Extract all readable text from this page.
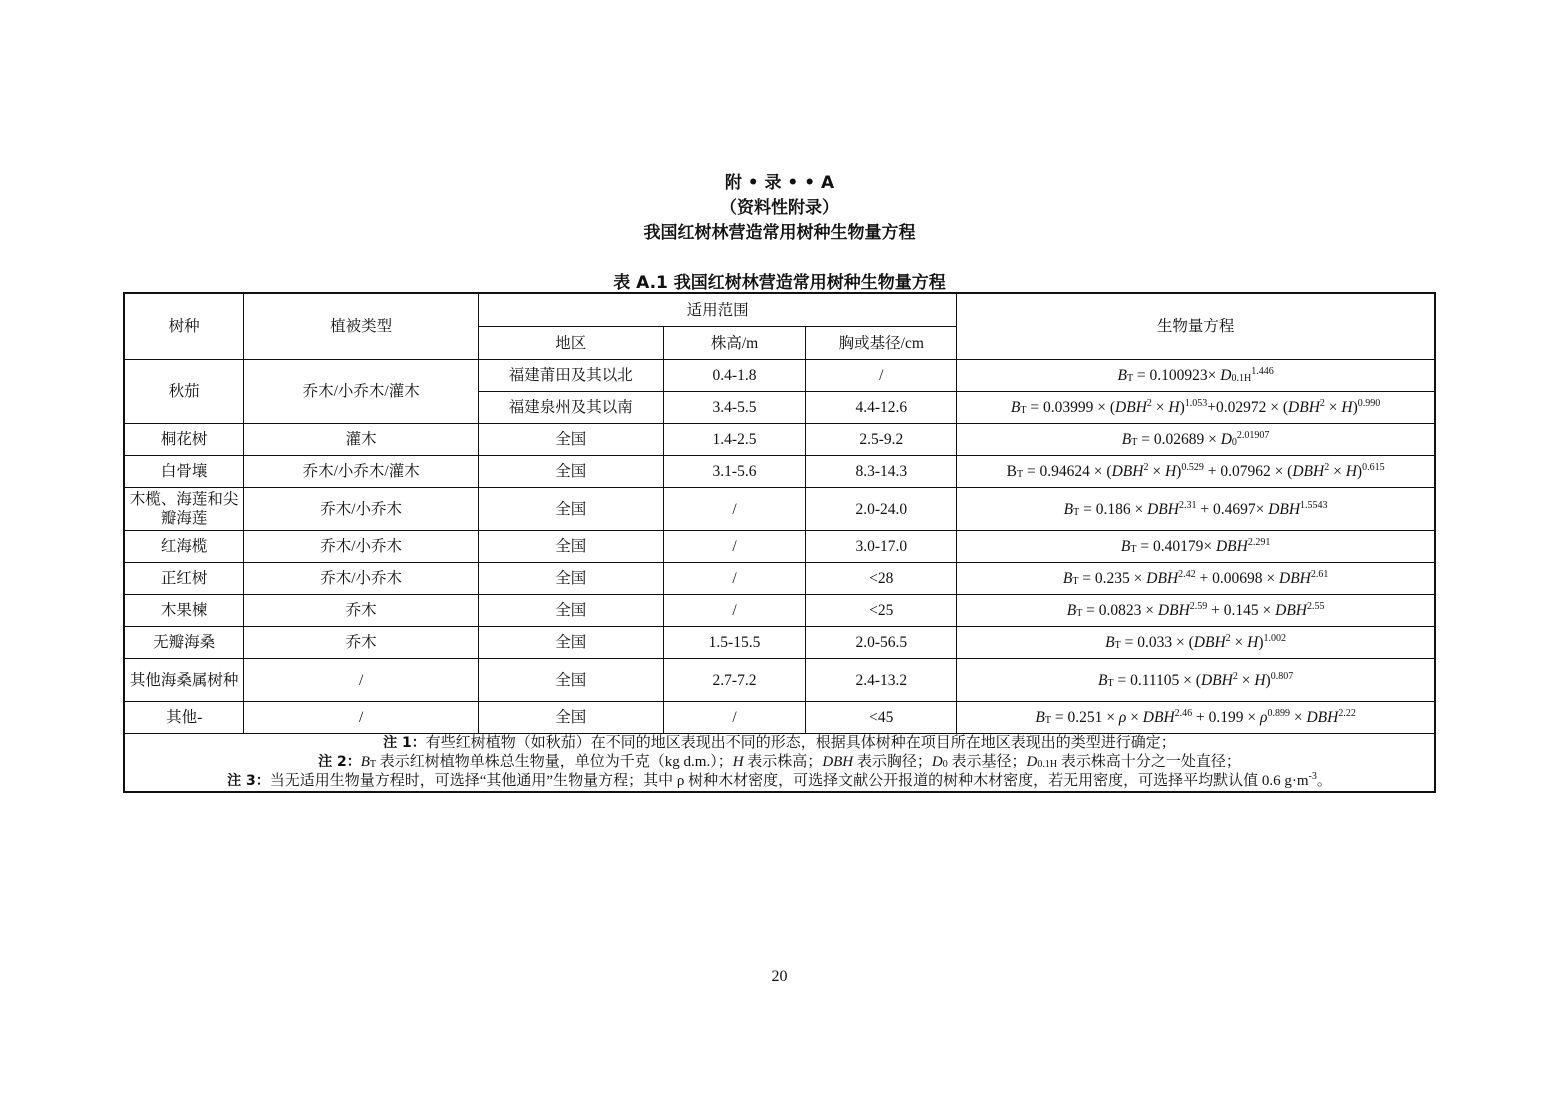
附 • 录 • • A
（资料性附录）
我国红树林营造常用树种生物量方程
表 A.1 我国红树林营造常用树种生物量方程
树种	植被类型	适用范围			生物量方程
		地区	株高/m	胸或基径/cm	
秋茄	乔木/小乔木/灌木	福建莆田及其以北	0.4-1.8	/	$B_T = 0.100923\times D_{0.1H}^{1.446}$
		福建泉州及其以南	3.4-5.5	4.4-12.6	$B_T = 0.03999 \times (DBH^2 \times H)^{1.053}+0.02972 \times (DBH^2 \times H)^{0.990}$
桐花树	灌木	全国	1.4-2.5	2.5-9.2	$B_T = 0.02689 \times D_0^{2.01907}$
白骨壤	乔木/小乔木/灌木	全国	3.1-5.6	8.3-14.3	$B_T = 0.94624 \times (DBH^2 \times H)^{0.529} + 0.07962 \times (DBH^2 \times H)^{0.615}$
木榄、海莲和尖瓣海莲	乔木/小乔木	全国	/	2.0-24.0	$B_T = 0.186 \times DBH^{2.31} + 0.4697\times DBH^{1.5543}$
红海榄	乔木/小乔木	全国	/	3.0-17.0	$B_T = 0.40179\times DBH^{2.291}$
正红树	乔木/小乔木	全国	/	<28	$B_T = 0.235 \times DBH^{2.42} + 0.00698 \times DBH^{2.61}$
木果楝	乔木	全国	/	<25	$B_T = 0.0823 \times DBH^{2.59} + 0.145 \times DBH^{2.55}$
无瓣海桑	乔木	全国	1.5-15.5	2.0-56.5	$B_T = 0.033 \times (DBH^2 \times H)^{1.002}$
其他海桑属树种	/	全国	2.7-7.2	2.4-13.2	$B_T = 0.11105 \times (DBH^2 \times H)^{0.807}$
其他-	/	全国	/	<45	$B_T = 0.251 \times \rho \times DBH^{2.46} + 0.199 \times \rho^{0.899} \times DBH^{2.22}$

注 1：有些红树植物（如秋茄）在不同的地区表现出不同的形态，根据具体树种在项目所在地区表现出的类型进行确定；
注 2：$B_T$ 表示红树植物单株总生物量，单位为千克（kg d.m.）；H 表示株高；DBH 表示胸径；$D_0$ 表示基径；$D_{0.1H}$ 表示株高十分之一处直径；
注 3：当无适用生物量方程时，可选择“其他通用”生物量方程；其中 ρ 树种木材密度，可选择文献公开报道的树种木材密度，若无用密度，可选择平均默认值 0.6 $g\cdot m^{-3}$。					
20
